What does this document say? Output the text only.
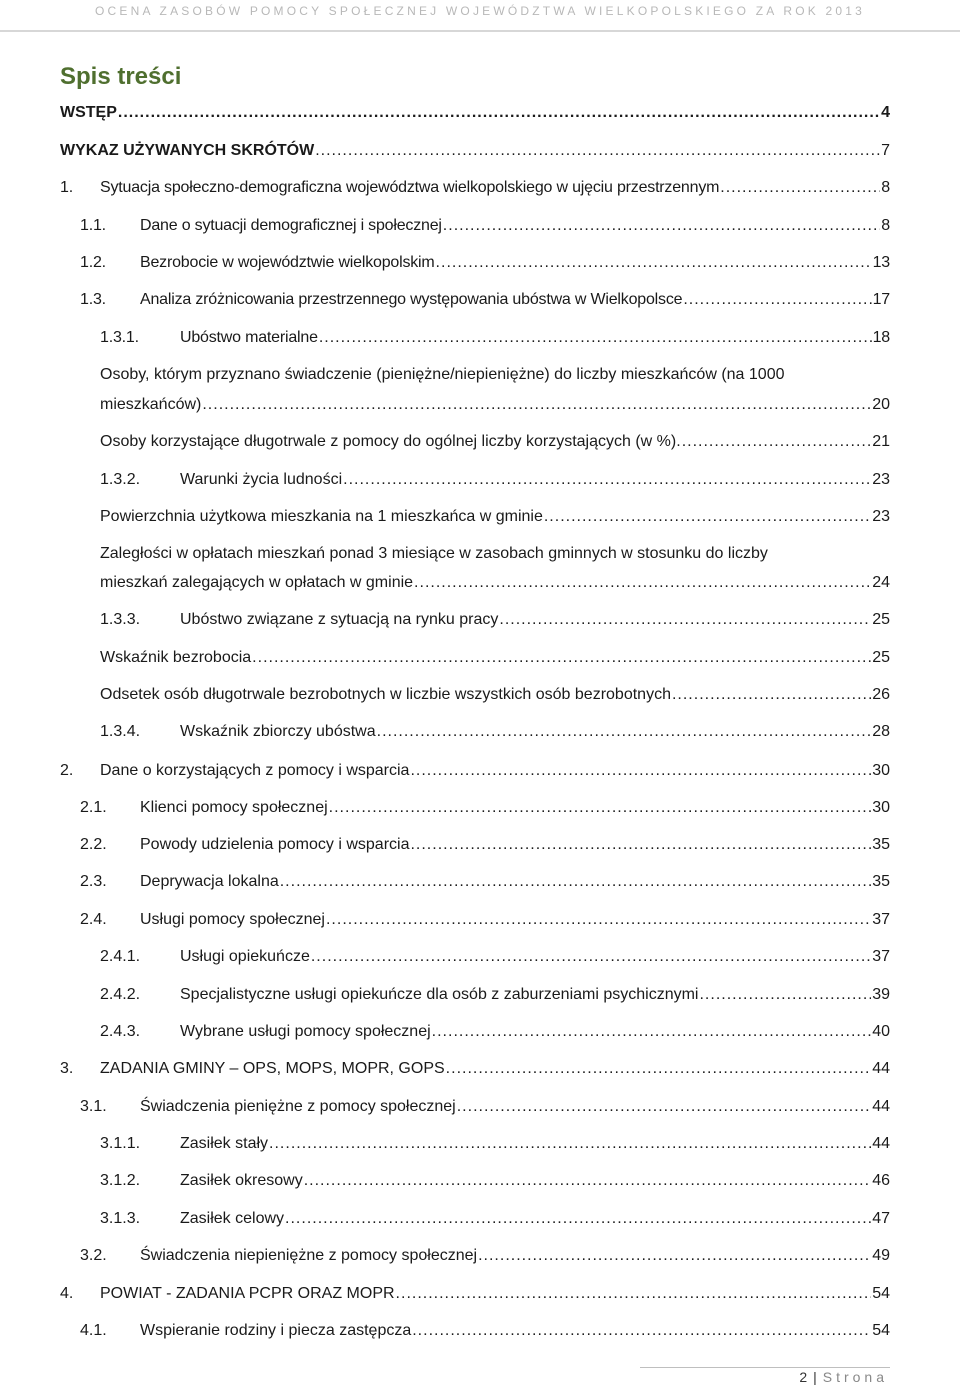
OCENA ZASOBÓW POMOCY SPOŁECZNEJ WOJEWÓDZTWA WIELKOPOLSKIEGO ZA ROK 2013
Spis treści
WSTĘP .....	4
WYKAZ UŻYWANYCH SKRÓTÓW .....	7
1.	Sytuacja społeczno-demograficzna województwa wielkopolskiego w ujęciu przestrzennym .....	8
1.1.	Dane o sytuacji demograficznej i społecznej .....	8
1.2.	Bezrobocie w województwie wielkopolskim .....	13
1.3.	Analiza zróżnicowania przestrzennego występowania ubóstwa w Wielkopolsce .....	17
1.3.1.	Ubóstwo materialne .....	18
Osoby, którym przyznano świadczenie (pieniężne/niepieniężne) do liczby mieszkańców (na 1000
mieszkańców) .....	20
Osoby korzystające długotrwale z pomocy do ogólnej liczby korzystających (w %). .....	21
1.3.2.	Warunki życia ludności .....	23
Powierzchnia użytkowa mieszkania na 1 mieszkańca w gminie .....	23
Zaległości w opłatach mieszkań ponad 3 miesiące w zasobach gminnych w stosunku do liczby
mieszkań zalegających w opłatach w gminie .....	24
1.3.3.	Ubóstwo związane z sytuacją na rynku pracy .....	25
Wskaźnik bezrobocia .....	25
Odsetek osób długotrwale bezrobotnych w liczbie wszystkich osób bezrobotnych .....	26
1.3.4.	Wskaźnik zbiorczy ubóstwa .....	28
2.	Dane o korzystających z pomocy i wsparcia .....	30
2.1.	Klienci pomocy społecznej .....	30
2.2.	Powody udzielenia pomocy i wsparcia .....	35
2.3.	Deprywacja lokalna .....	35
2.4.	Usługi pomocy społecznej .....	37
2.4.1.	Usługi opiekuńcze .....	37
2.4.2.	Specjalistyczne usługi opiekuńcze dla osób z zaburzeniami psychicznymi .....	39
2.4.3.	Wybrane usługi pomocy społecznej .....	40
3.	ZADANIA GMINY – OPS, MOPS, MOPR, GOPS .....	44
3.1.	Świadczenia pieniężne z pomocy społecznej .....	44
3.1.1.	Zasiłek stały .....	44
3.1.2.	Zasiłek okresowy .....	46
3.1.3.	Zasiłek celowy .....	47
3.2.	Świadczenia niepieniężne z pomocy społecznej .....	49
4.	POWIAT - ZADANIA PCPR ORAZ MOPR .....	54
4.1.	Wspieranie rodziny i piecza zastępcza .....	54
2 | Strona
